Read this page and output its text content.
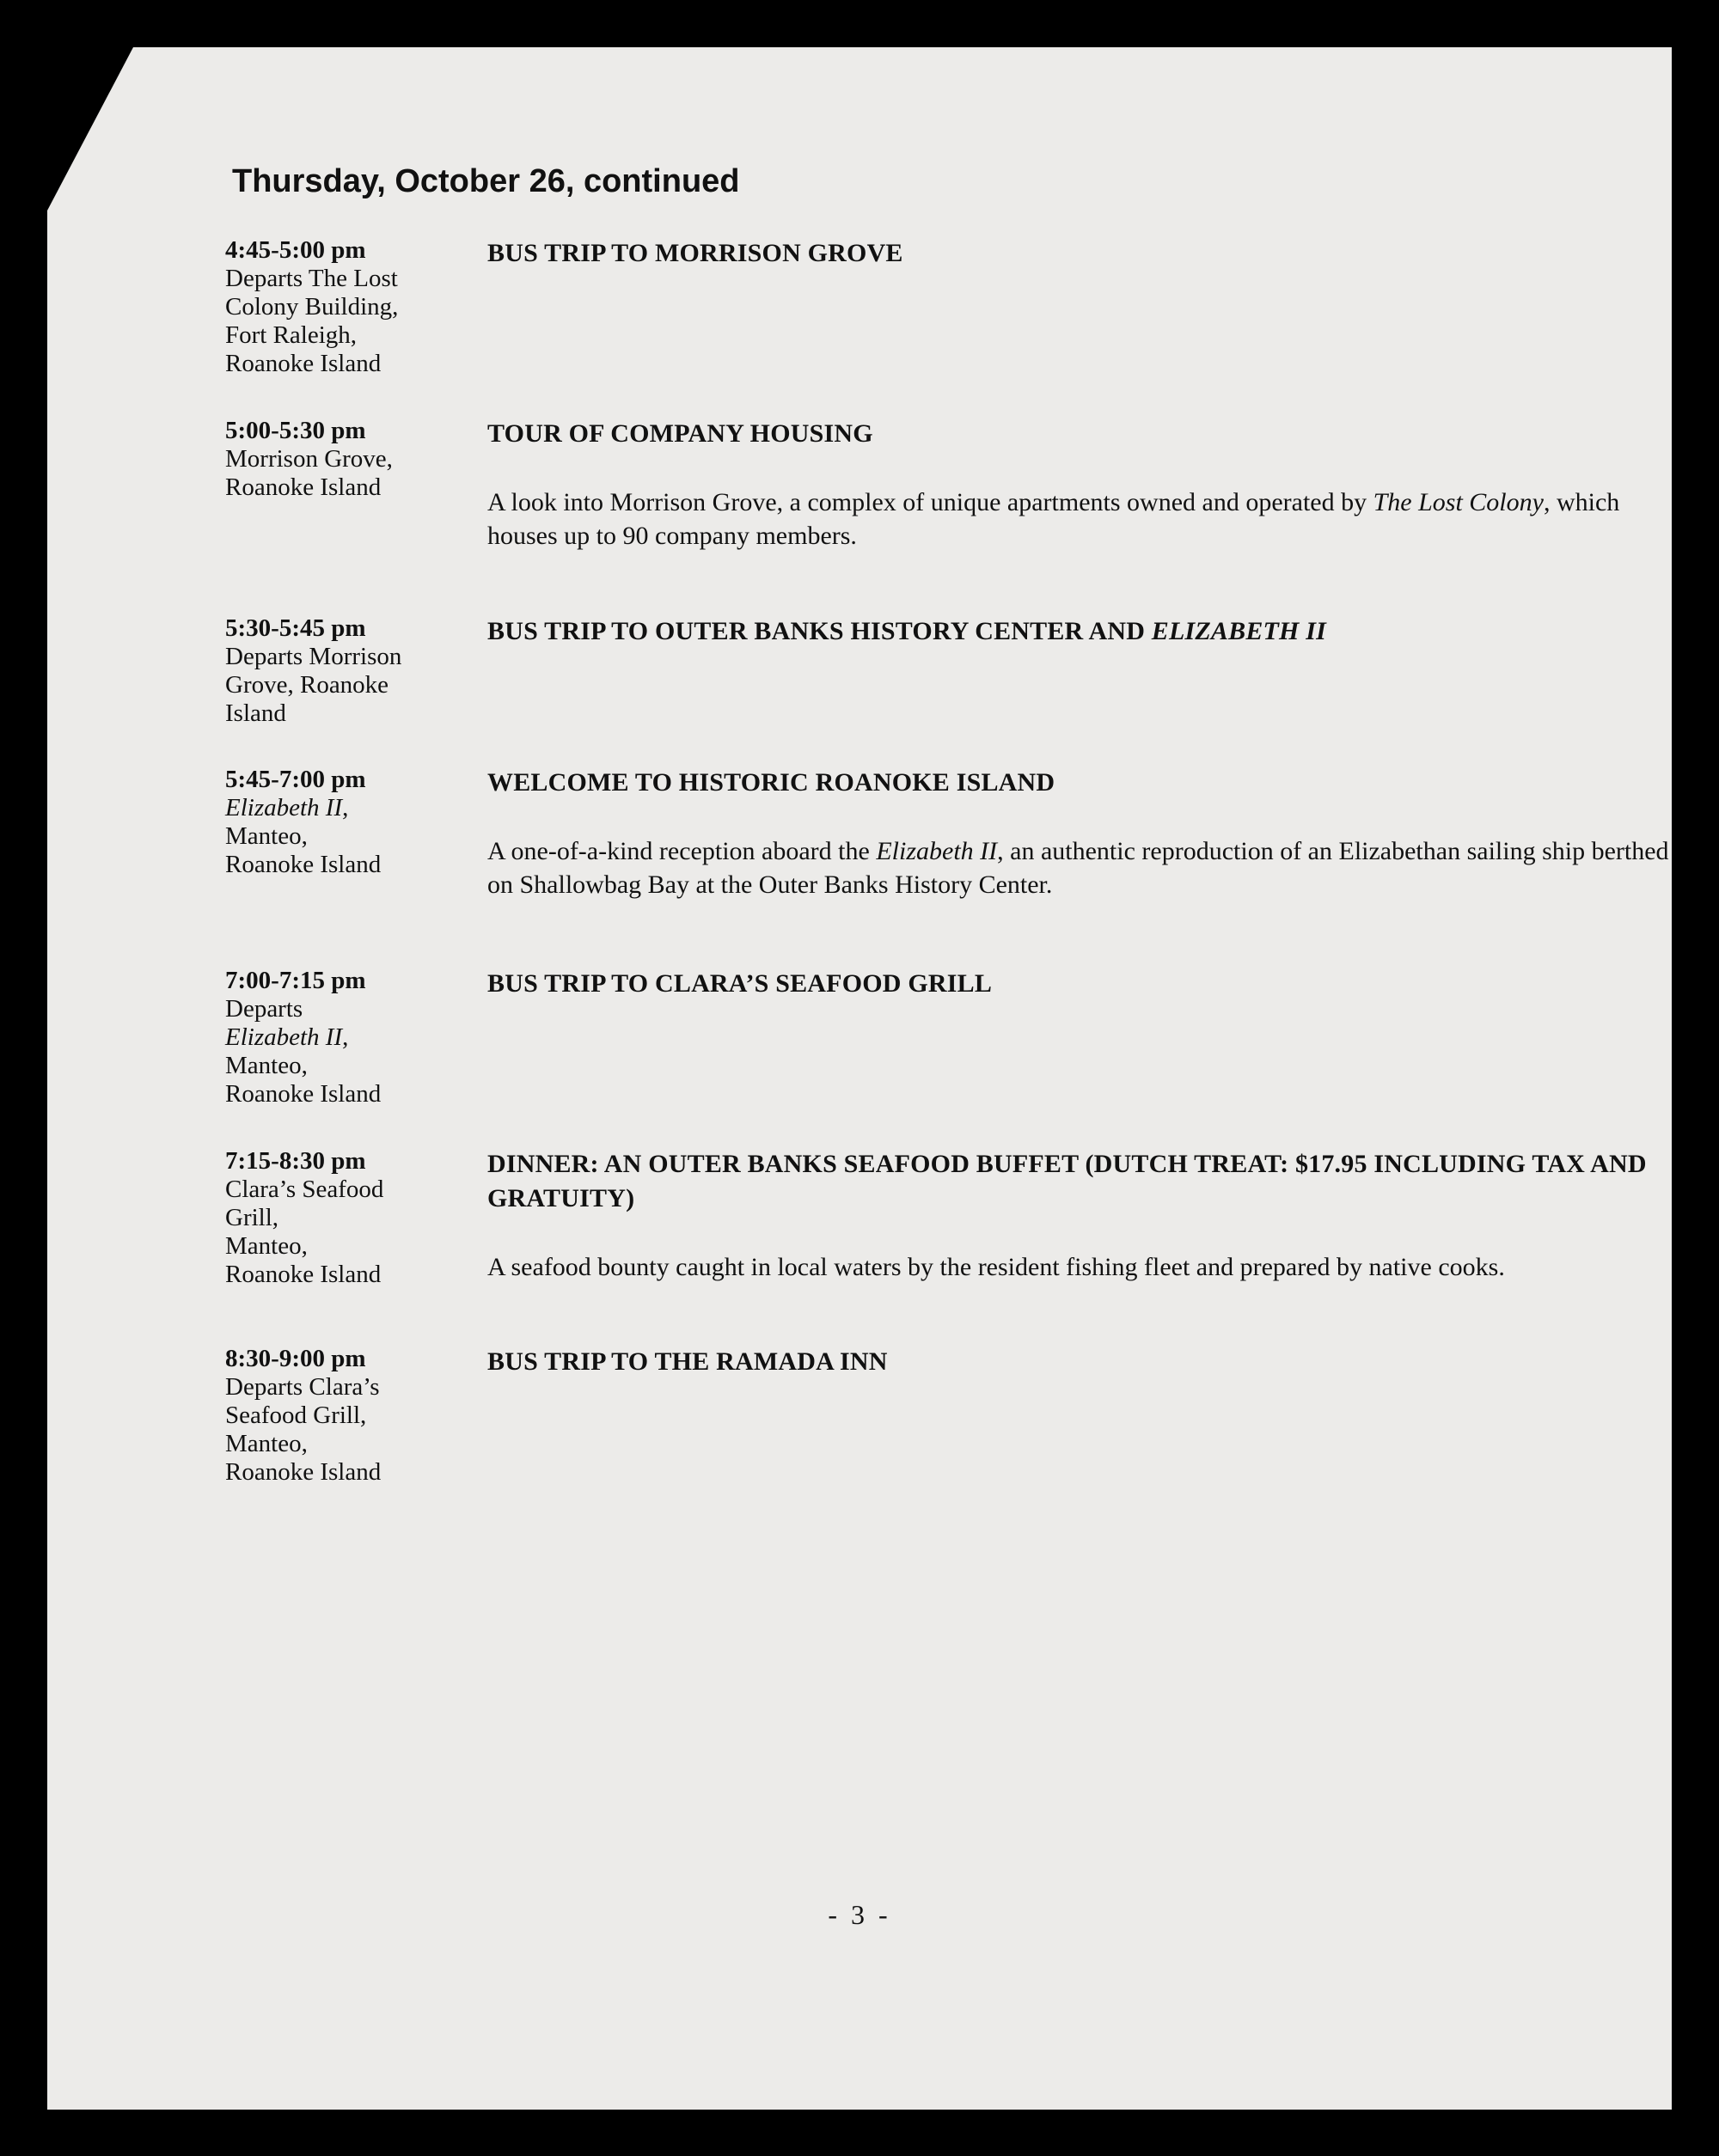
Thursday, October 26, continued
4:45-5:00 pm
Departs The Lost
Colony Building,
Fort Raleigh,
Roanoke Island
BUS TRIP TO MORRISON GROVE
5:00-5:30 pm
Morrison Grove,
Roanoke Island
TOUR OF COMPANY HOUSING
A look into Morrison Grove, a complex of unique apartments owned and operated by The Lost Colony, which houses up to 90 company members.
5:30-5:45 pm
Departs Morrison
Grove, Roanoke
Island
BUS TRIP TO OUTER BANKS HISTORY CENTER AND ELIZABETH II
5:45-7:00 pm
Elizabeth II,
Manteo,
Roanoke Island
WELCOME TO HISTORIC ROANOKE ISLAND
A one-of-a-kind reception aboard the Elizabeth II, an authentic reproduction of an Elizabethan sailing ship berthed on Shallowbag Bay at the Outer Banks History Center.
7:00-7:15 pm
Departs
Elizabeth II,
Manteo,
Roanoke Island
BUS TRIP TO CLARA’S SEAFOOD GRILL
7:15-8:30 pm
Clara’s Seafood
Grill,
Manteo,
Roanoke Island
DINNER: AN OUTER BANKS SEAFOOD BUFFET (DUTCH TREAT: $17.95 INCLUDING TAX AND GRATUITY)
A seafood bounty caught in local waters by the resident fishing fleet and prepared by native cooks.
8:30-9:00 pm
Departs Clara’s
Seafood Grill,
Manteo,
Roanoke Island
BUS TRIP TO THE RAMADA INN
- 3 -
